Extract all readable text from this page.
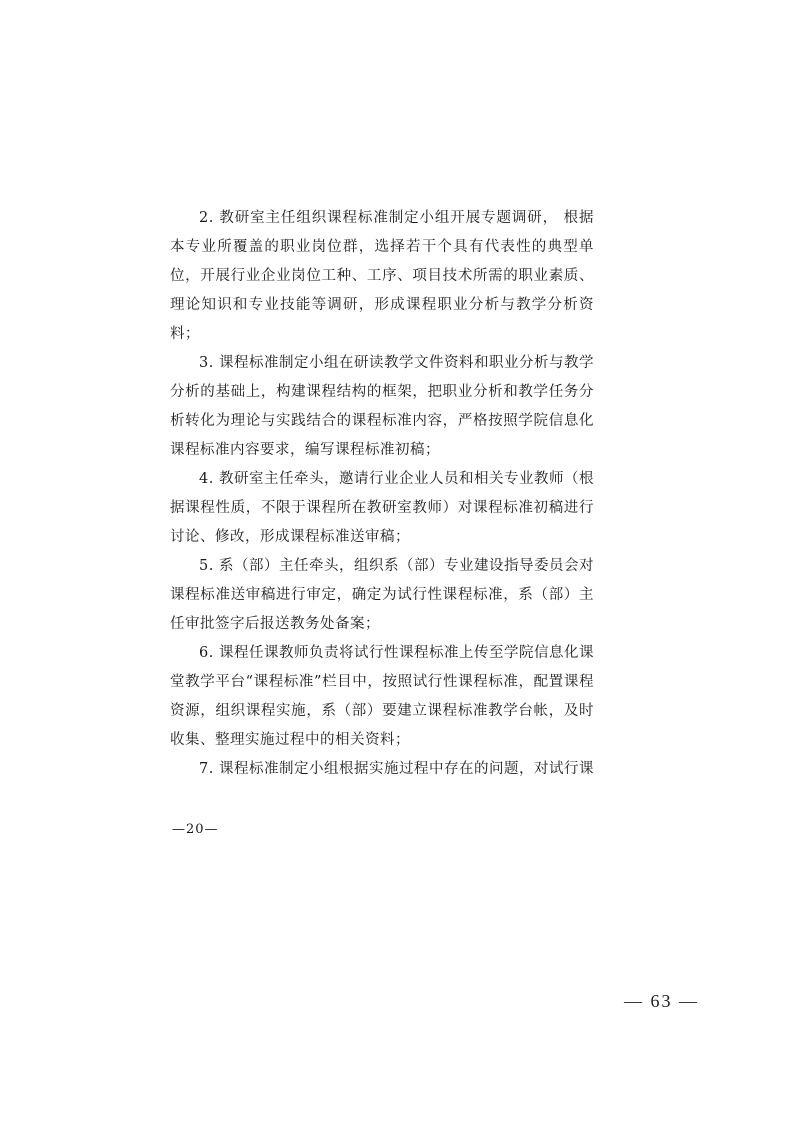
2. 教研室主任组织课程标准制定小组开展专题调研， 根据本专业所覆盖的职业岗位群，选择若干个具有代表性的典型单位，开展行业企业岗位工种、工序、项目技术所需的职业素质、理论知识和专业技能等调研，形成课程职业分析与教学分析资料；

3. 课程标准制定小组在研读教学文件资料和职业分析与教学分析的基础上，构建课程结构的框架，把职业分析和教学任务分析转化为理论与实践结合的课程标准内容，严格按照学院信息化课程标准内容要求，编写课程标准初稿；

4. 教研室主任牵头，邀请行业企业人员和相关专业教师（根据课程性质，不限于课程所在教研室教师）对课程标准初稿进行讨论、修改，形成课程标准送审稿；

5. 系（部）主任牵头，组织系（部）专业建设指导委员会对课程标准送审稿进行审定，确定为试行性课程标准，系（部）主任审批签字后报送教务处备案；

6. 课程任课教师负责将试行性课程标准上传至学院信息化课堂教学平台“课程标准”栏目中，按照试行性课程标准，配置课程资源，组织课程实施，系（部）要建立课程标准教学台帐，及时收集、整理实施过程中的相关资料；

7. 课程标准制定小组根据实施过程中存在的问题，对试行课

—20—

— 63 —
